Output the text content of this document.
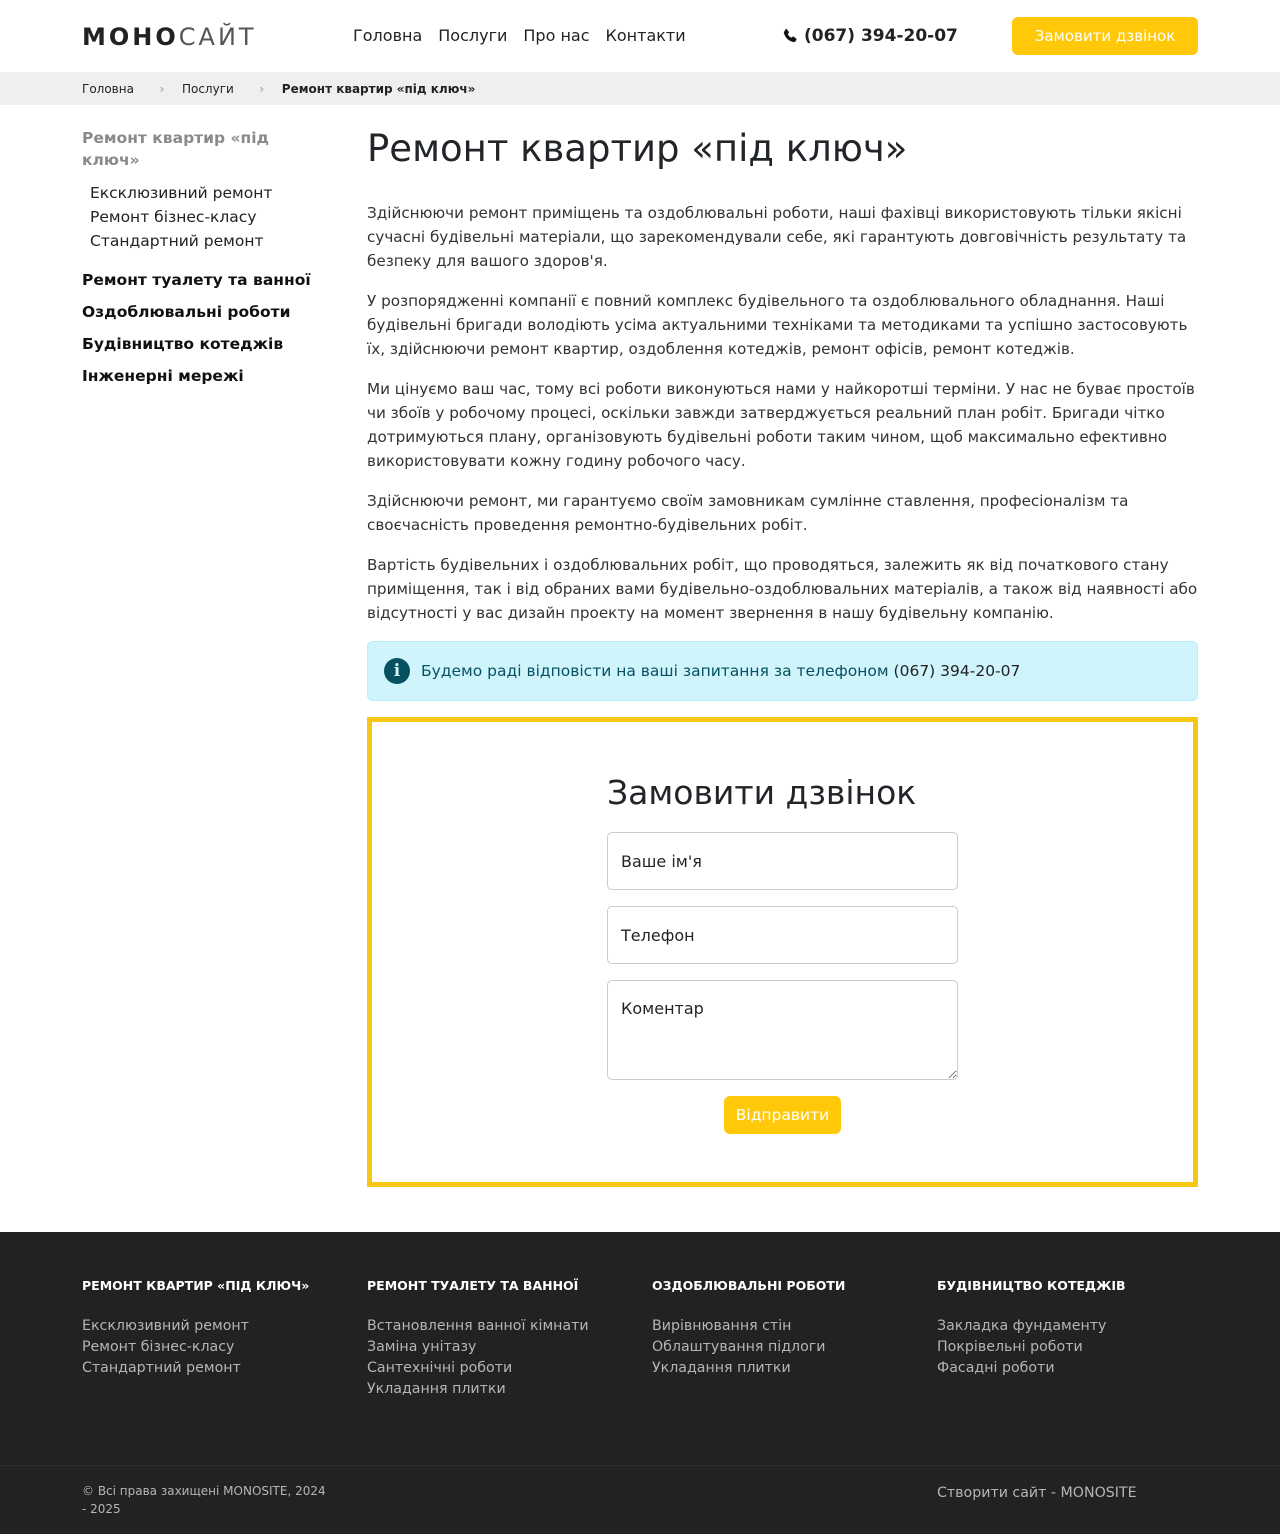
МОНОСАЙТ	Головна Послуги Про нас Контакти	(067) 394-20-07	Замовити дзвінок
Головна	›	Послуги	›	Ремонт квартир «під ключ»
Ремонт квартир «під ключ»
Ексклюзивний ремонт
Ремонт бізнес-класу
Стандартний ремонт
Ремонт туалету та ванної
Оздоблювальні роботи
Будівництво котеджів
Інженерні мережі
Ремонт квартир «під ключ»

Здійснюючи ремонт приміщень та оздоблювальні роботи, наші фахівці використовують тільки якісні сучасні будівельні матеріали, що зарекомендували себе, які гарантують довговічність результату та безпеку для вашого здоров'я.

У розпорядженні компанії є повний комплекс будівельного та оздоблювального обладнання. Наші будівельні бригади володіють усіма актуальними техніками та методиками та успішно застосовують їх, здійснюючи ремонт квартир, оздоблення котеджів, ремонт офісів, ремонт котеджів.

Ми цінуємо ваш час, тому всі роботи виконуються нами у найкоротші терміни. У нас не буває простоїв чи збоїв у робочому процесі, оскільки завжди затверджується реальний план робіт. Бригади чітко дотримуються плану, організовують будівельні роботи таким чином, щоб максимально ефективно використовувати кожну годину робочого часу.

Здійснюючи ремонт, ми гарантуємо своїм замовникам сумлінне ставлення, професіоналізм та своєчасність проведення ремонтно-будівельних робіт.

Вартість будівельних і оздоблювальних робіт, що проводяться, залежить як від початкового стану приміщення, так і від обраних вами будівельно-оздоблювальних матеріалів, а також від наявності або відсутності у вас дизайн проекту на момент звернення в нашу будівельну компанію.

i	Будемо раді відповісти на ваші запитання за телефоном (067) 394-20-07
Замовити дзвінок
Ваше ім'я
Телефон
Коментар
Відправити
РЕМОНТ КВАРТИР «ПІД КЛЮЧ»
Ексклюзивний ремонт
Ремонт бізнес-класу
Стандартний ремонт
РЕМОНТ ТУАЛЕТУ ТА ВАННОЇ
Встановлення ванної кімнати
Заміна унітазу
Сантехнічні роботи
Укладання плитки
ОЗДОБЛЮВАЛЬНІ РОБОТИ
Вирівнювання стін
Облаштування підлоги
Укладання плитки
БУДІВНИЦТВО КОТЕДЖІВ
Закладка фундаменту
Покрівельні роботи
Фасадні роботи
© Всі права захищені MONOSITE, 2024 - 2025
Створити сайт - MONOSITE
